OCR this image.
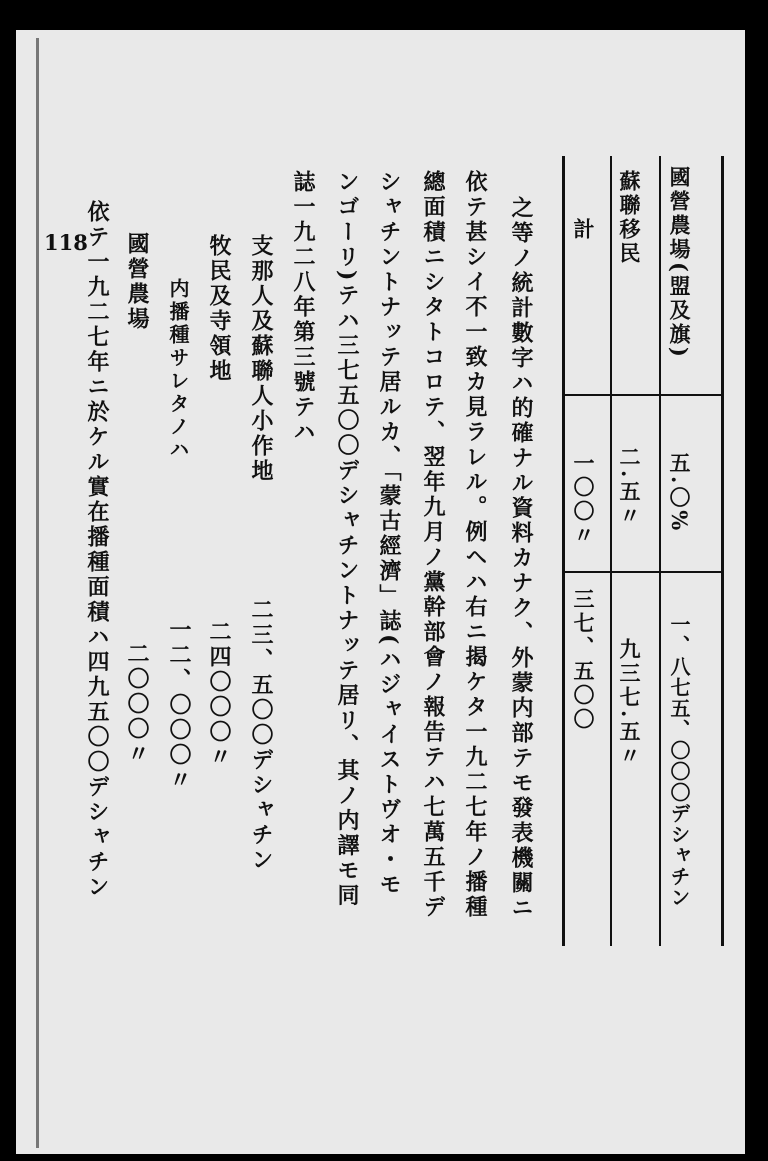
國營農場(盟及旗)
五.〇%
一、八七五、〇〇〇デシャチン
蘇聯移民
二.五〃
九三七.五〃
計
一〇〇〃
三七、五〇〇
之等ノ統計數字ハ的確ナル資料カナク、外蒙内部テモ發表機關ニ
依テ甚シイ不一致カ見ラレル。例ヘハ右ニ揭ケタ一九二七年ノ播種
總面積ニシタトコロテ、翌年九月ノ黨幹部會ノ報告テハ七萬五千デ
シャチントナッテ居ルカ、「蒙古經濟」誌(ハジャイストヴオ・モ
ンゴーリ)テハ三七五〇〇デシャチントナッテ居リ、其ノ内譯モ同
誌一九二八年第三號テハ
支那人及蘇聯人小作地
二三、五〇〇デシャチン
牧民及寺領地
二四〇〇〇〃
内播種サレタノハ
一二、〇〇〇〃
國營農場
二〇〇〇〃
依テ一九二七年ニ於ケル實在播種面積ハ四九五〇〇デシャチン
118
